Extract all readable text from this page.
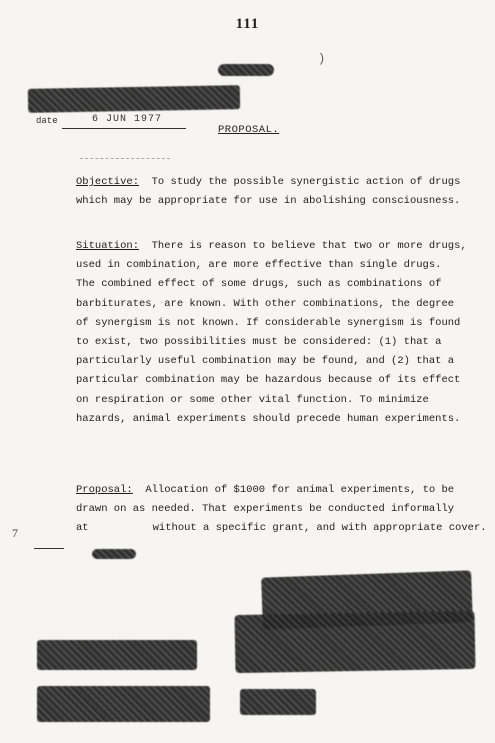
111
)
date	6 JUN 1977
PROPOSAL.
Objective: To study the possible synergistic action of drugs
which may be appropriate for use in abolishing consciousness.
Situation: There is reason to believe that two or more drugs,
used in combination, are more effective than single drugs.
The combined effect of some drugs, such as combinations of
barbiturates, are known. With other combinations, the degree
of synergism is not known. If considerable synergism is found
to exist, two possibilities must be considered: (1) that a
particularly useful combination may be found, and (2) that a
particular combination may be hazardous because of its effect
on respiration or some other vital function. To minimize
hazards, animal experiments should precede human experiments.
Proposal: Allocation of $1000 for animal experiments, to be
drawn on as needed. That experiments be conducted informally
at	without a specific grant, and with appropriate cover.
7
